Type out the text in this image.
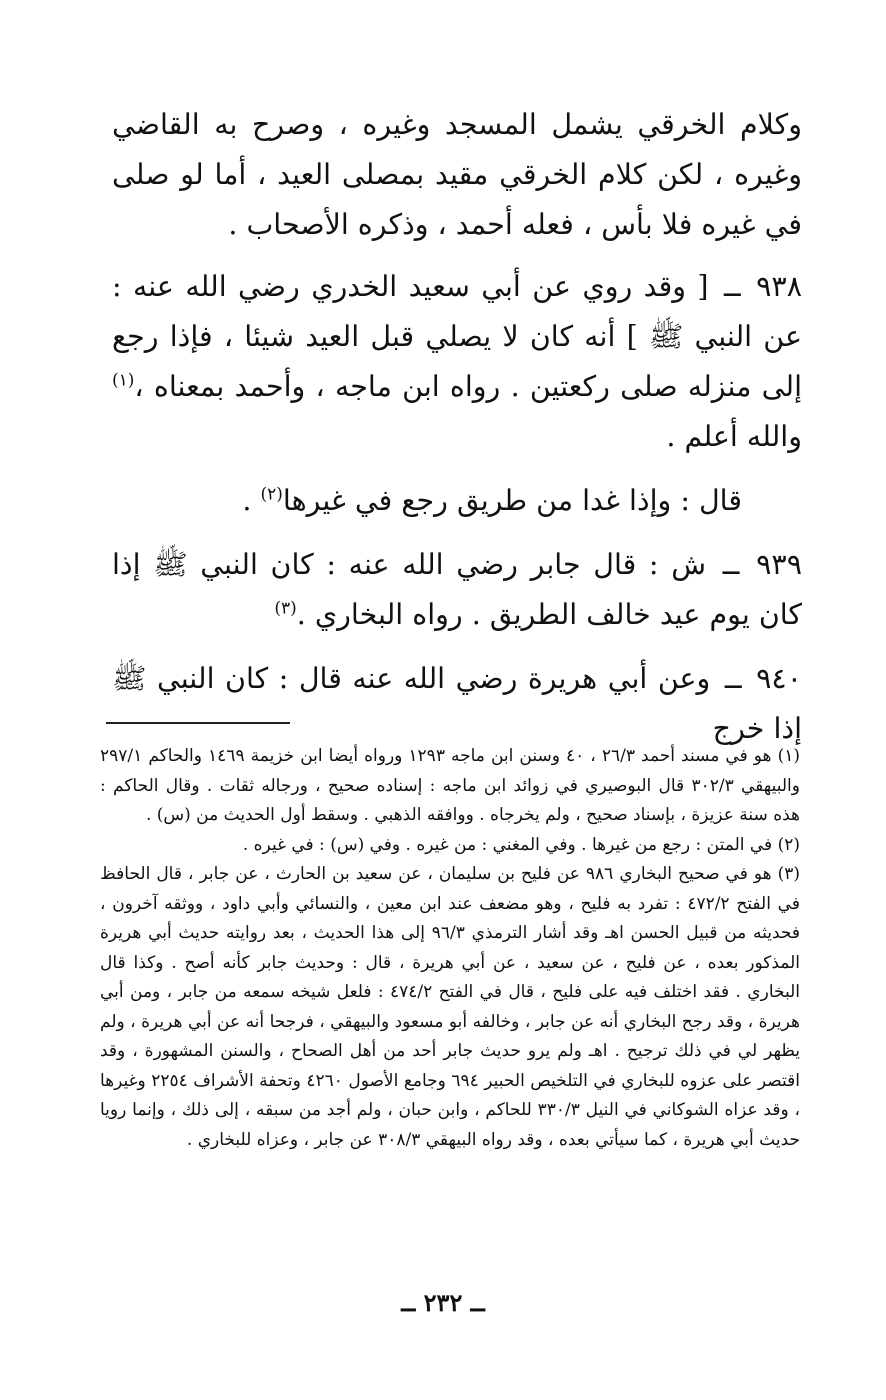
وكلام الخرقي يشمل المسجد وغيره ، وصرح به القاضي وغيره ، لكن كلام الخرقي مقيد بمصلى العيد ، أما لو صلى في غيره فلا بأس ، فعله أحمد ، وذكره الأصحاب .

٩٣٨ ــ [ وقد روي عن أبي سعيد الخدري رضي الله عنه : عن النبي ﷺ ] أنه كان لا يصلي قبل العيد شيئا ، فإذا رجع إلى منزله صلى ركعتين . رواه ابن ماجه ، وأحمد بمعناه ،$^{(١)}$ والله أعلم .

قال : وإذا غدا من طريق رجع في غيرها$^{(٢)}$ .

٩٣٩ ــ ش : قال جابر رضي الله عنه : كان النبي ﷺ إذا كان يوم عيد خالف الطريق . رواه البخاري .$^{(٣)}$

٩٤٠ ــ وعن أبي هريرة رضي الله عنه قال : كان النبي ﷺ إذا خرج

(١) هو في مسند أحمد ٢٦/٣ ، ٤٠ وسنن ابن ماجه ١٢٩٣ ورواه أيضا ابن خزيمة ١٤٦٩ والحاكم ٢٩٧/١ والبيهقي ٣٠٢/٣ قال البوصيري في زوائد ابن ماجه : إسناده صحيح ، ورجاله ثقات . وقال الحاكم : هذه سنة عزيزة ، بإسناد صحيح ، ولم يخرجاه . ووافقه الذهبي . وسقط أول الحديث من (س) .

(٢) في المتن : رجع من غيرها . وفي المغني : من غيره . وفي (س) : في غيره .

(٣) هو في صحيح البخاري ٩٨٦ عن فليح بن سليمان ، عن سعيد بن الحارث ، عن جابر ، قال الحافظ في الفتح ٤٧٢/٢ : تفرد به فليح ، وهو مضعف عند ابن معين ، والنسائي وأبي داود ، ووثقه آخرون ، فحديثه من قبيل الحسن اهـ وقد أشار الترمذي ٩٦/٣ إلى هذا الحديث ، بعد روايته حديث أبي هريرة المذكور بعده ، عن فليح ، عن سعيد ، عن أبي هريرة ، قال : وحديث جابر كأنه أصح . وكذا قال البخاري . فقد اختلف فيه على فليح ، قال في الفتح ٤٧٤/٢ : فلعل شيخه سمعه من جابر ، ومن أبي هريرة ، وقد رجح البخاري أنه عن جابر ، وخالفه أبو مسعود والبيهقي ، فرجحا أنه عن أبي هريرة ، ولم يظهر لي في ذلك ترجيح . اهـ ولم يرو حديث جابر أحد من أهل الصحاح ، والسنن المشهورة ، وقد اقتصر على عزوه للبخاري في التلخيص الحبير ٦٩٤ وجامع الأصول ٤٢٦٠ وتحفة الأشراف ٢٢٥٤ وغيرها ، وقد عزاه الشوكاني في النيل ٣٣٠/٣ للحاكم ، وابن حبان ، ولم أجد من سبقه ، إلى ذلك ، وإنما رويا حديث أبي هريرة ، كما سيأتي بعده ، وقد رواه البيهقي ٣٠٨/٣ عن جابر ، وعزاه للبخاري .

ــ ٢٣٢ ــ
